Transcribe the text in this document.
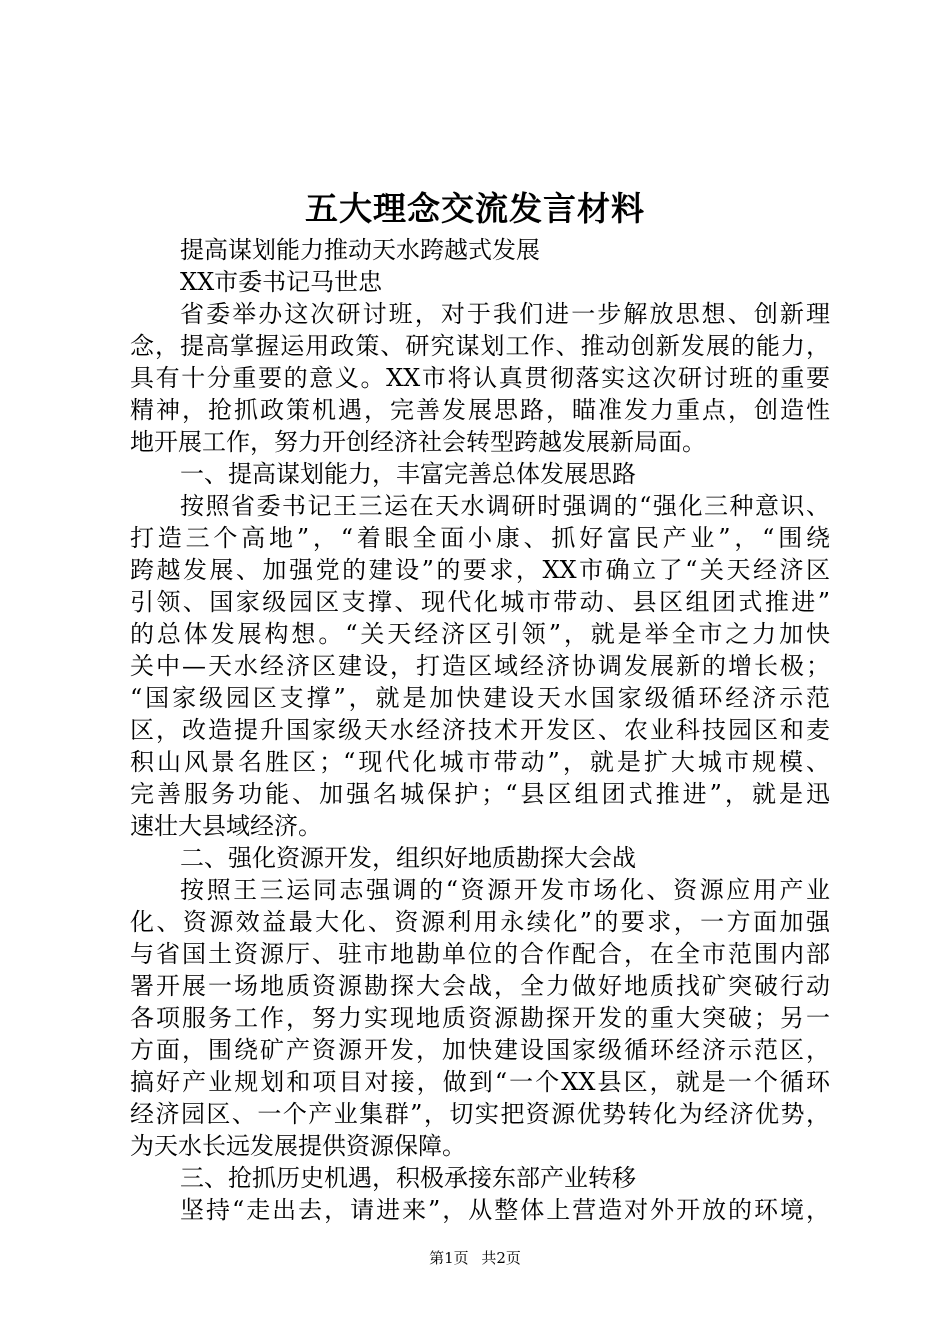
五大理念交流发言材料
提高谋划能力推动天水跨越式发展
XX市委书记马世忠
省委举办这次研讨班，对于我们进一步解放思想、创新理
念，提高掌握运用政策、研究谋划工作、推动创新发展的能力，
具有十分重要的意义。XX市将认真贯彻落实这次研讨班的重要
精神，抢抓政策机遇，完善发展思路，瞄准发力重点，创造性
地开展工作，努力开创经济社会转型跨越发展新局面。
一、提高谋划能力，丰富完善总体发展思路
按照省委书记王三运在天水调研时强调的“强化三种意识、
打造三个高地”，“着眼全面小康、抓好富民产业”，“围绕
跨越发展、加强党的建设”的要求，XX市确立了“关天经济区
引领、国家级园区支撑、现代化城市带动、县区组团式推进”
的总体发展构想。“关天经济区引领”，就是举全市之力加快
关中—天水经济区建设，打造区域经济协调发展新的增长极；
“国家级园区支撑”，就是加快建设天水国家级循环经济示范
区，改造提升国家级天水经济技术开发区、农业科技园区和麦
积山风景名胜区；“现代化城市带动”，就是扩大城市规模、
完善服务功能、加强名城保护；“县区组团式推进”，就是迅
速壮大县域经济。
二、强化资源开发，组织好地质勘探大会战
按照王三运同志强调的“资源开发市场化、资源应用产业
化、资源效益最大化、资源利用永续化”的要求，一方面加强
与省国土资源厅、驻市地勘单位的合作配合，在全市范围内部
署开展一场地质资源勘探大会战，全力做好地质找矿突破行动
各项服务工作，努力实现地质资源勘探开发的重大突破；另一
方面，围绕矿产资源开发，加快建设国家级循环经济示范区，
搞好产业规划和项目对接，做到“一个XX县区，就是一个循环
经济园区、一个产业集群”，切实把资源优势转化为经济优势，
为天水长远发展提供资源保障。
三、抢抓历史机遇，积极承接东部产业转移
坚持“走出去，请进来”，从整体上营造对外开放的环境，
第1页 共2页
